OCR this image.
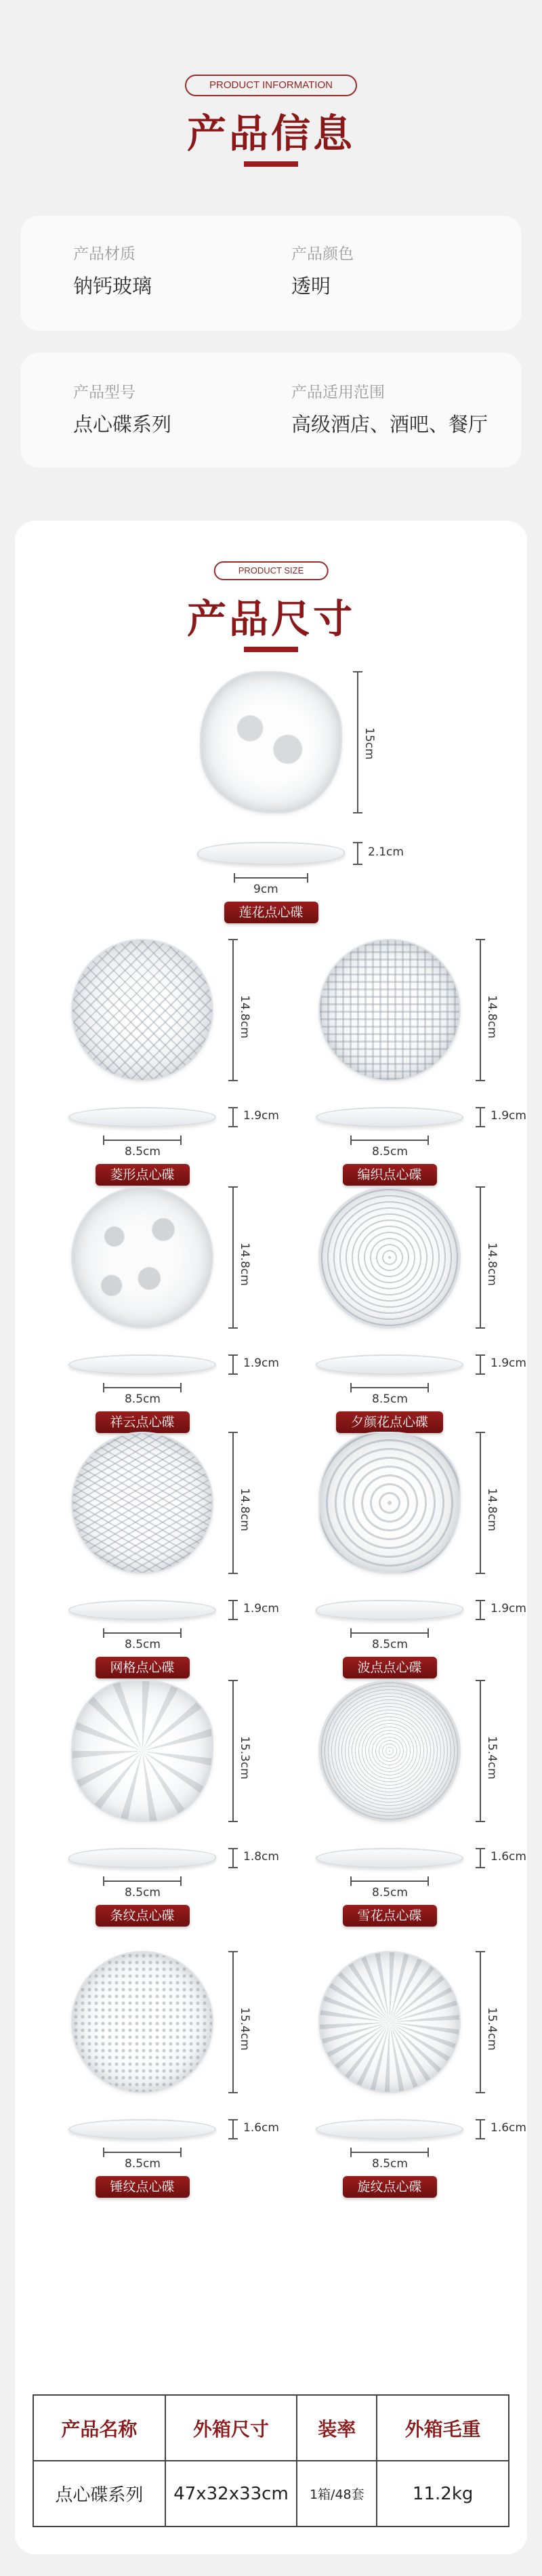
PRODUCT INFORMATION
产品信息
产品材质
钠钙玻璃
产品颜色
透明
产品型号
点心碟系列
产品适用范围
高级酒店、酒吧、餐厅
PRODUCT SIZE
产品尺寸
15cm
2.1cm
9cm
莲花点心碟
14.8cm
1.9cm
8.5cm
菱形点心碟
14.8cm
1.9cm
8.5cm
编织点心碟
14.8cm
1.9cm
8.5cm
祥云点心碟
14.8cm
1.9cm
8.5cm
夕颜花点心碟
14.8cm
1.9cm
8.5cm
网格点心碟
14.8cm
1.9cm
8.5cm
波点点心碟
15.3cm
1.8cm
8.5cm
条纹点心碟
15.4cm
1.6cm
8.5cm
雪花点心碟
15.4cm
1.6cm
8.5cm
锤纹点心碟
15.4cm
1.6cm
8.5cm
旋纹点心碟
产品名称	外箱尺寸	装率	外箱毛重
点心碟系列	47x32x33cm	1箱/48套	11.2kg
